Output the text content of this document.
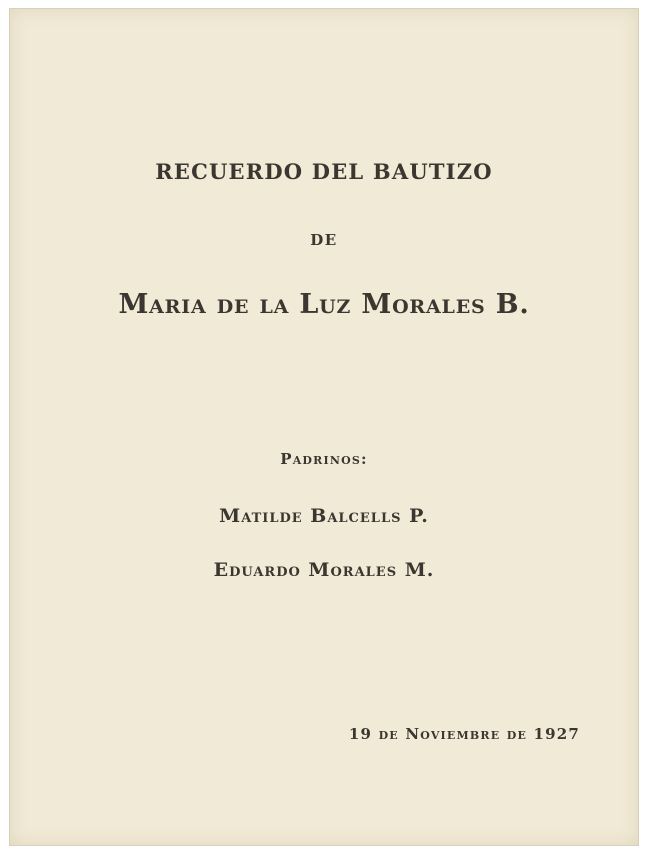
RECUERDO DEL BAUTIZO
DE
Maria de la Luz Morales B.
Padrinos:
Matilde Balcells P.
Eduardo Morales M.
19 de Noviembre de 1927
